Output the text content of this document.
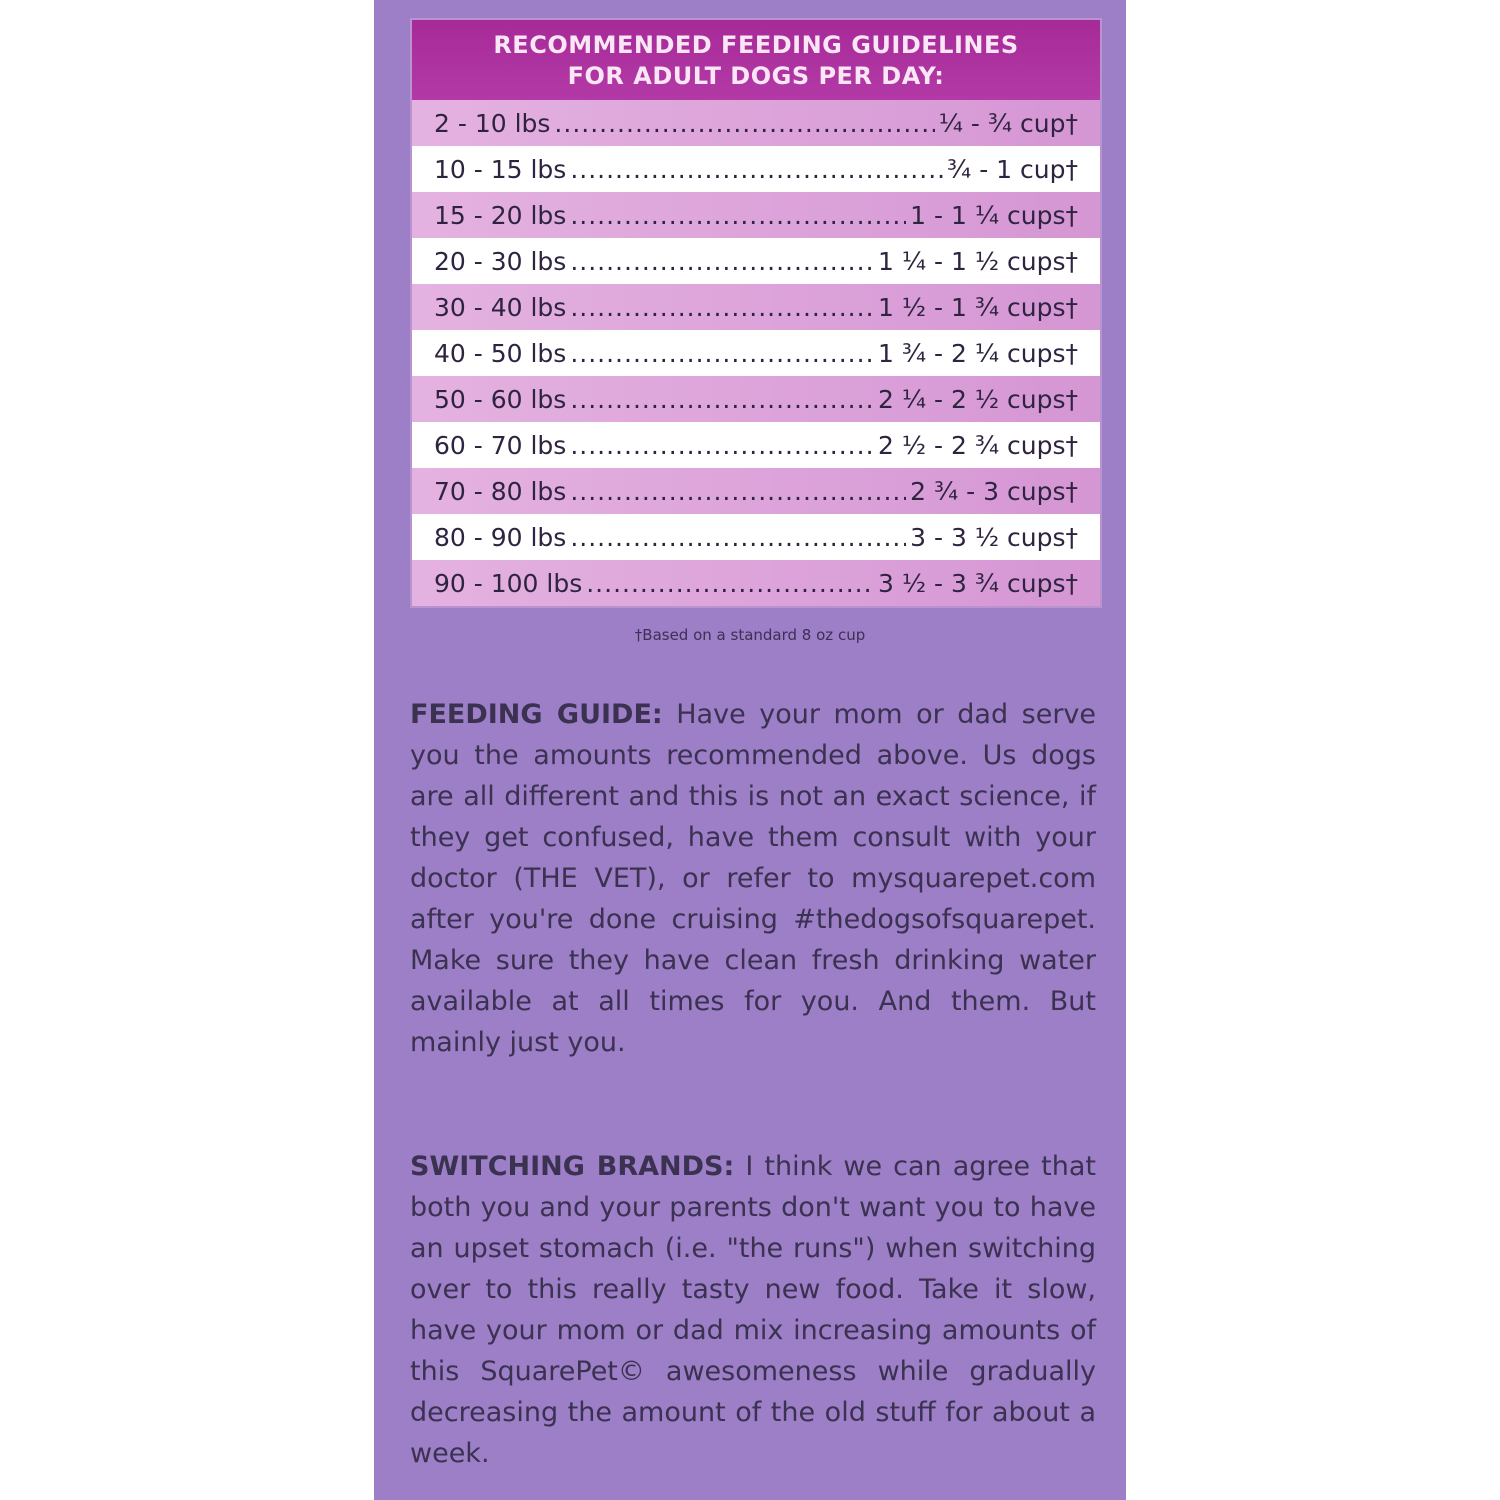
RECOMMENDED FEEDING GUIDELINES
FOR ADULT DOGS PER DAY:
2 - 10 lbs .....	¼ - ¾ cup†
10 - 15 lbs .....	¾ - 1 cup†
15 - 20 lbs .....	1 - 1 ¼ cups†
20 - 30 lbs .....	1 ¼ - 1 ½ cups†
30 - 40 lbs .....	1 ½ - 1 ¾ cups†
40 - 50 lbs .....	1 ¾ - 2 ¼ cups†
50 - 60 lbs .....	2 ¼ - 2 ½ cups†
60 - 70 lbs .....	2 ½ - 2 ¾ cups†
70 - 80 lbs .....	2 ¾ - 3 cups†
80 - 90 lbs .....	3 - 3 ½ cups†
90 - 100 lbs .....	3 ½ - 3 ¾ cups†
†Based on a standard 8 oz cup
FEEDING GUIDE: Have your mom or dad serve you the amounts recommended above. Us dogs are all different and this is not an exact science, if they get confused, have them consult with your doctor (THE VET), or refer to mysquarepet.com after you're done cruising #thedogsofsquarepet. Make sure they have clean fresh drinking water available at all times for you. And them. But mainly just you.
SWITCHING BRANDS: I think we can agree that both you and your parents don't want you to have an upset stomach (i.e. "the runs") when switching over to this really tasty new food. Take it slow, have your mom or dad mix increasing amounts of this SquarePet© awesomeness while gradually decreasing the amount of the old stuff for about a week.
